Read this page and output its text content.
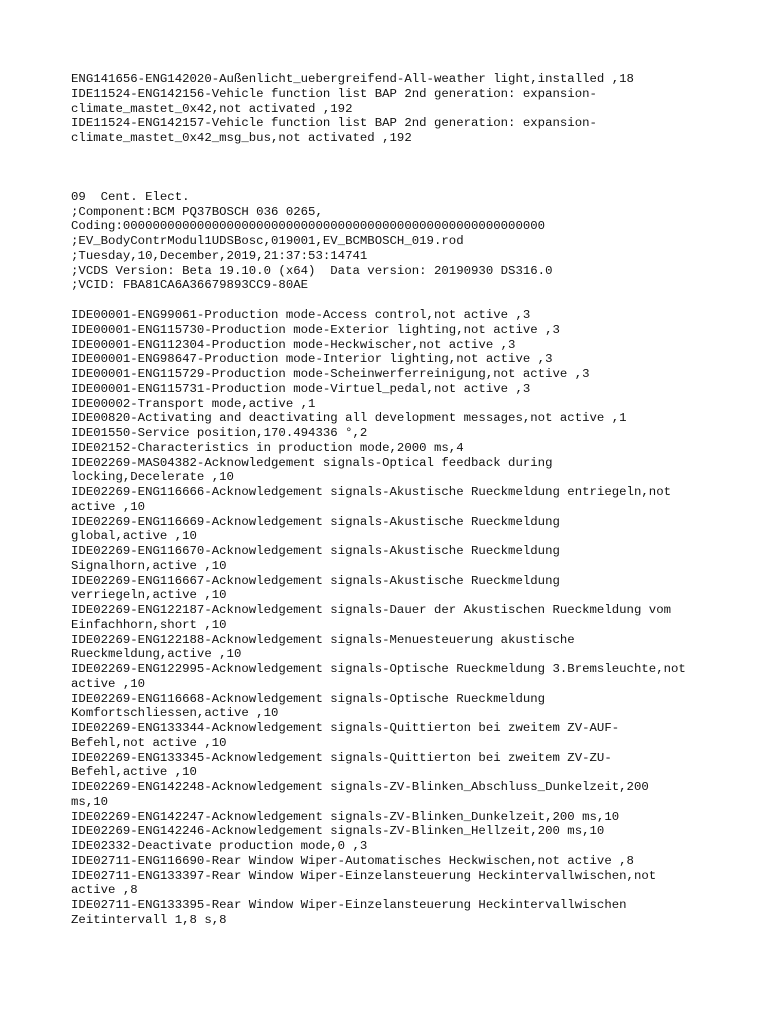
ENG141656-ENG142020-Außenlicht_uebergreifend-All-weather light,installed ,18
IDE11524-ENG142156-Vehicle function list BAP 2nd generation: expansion-
climate_mastet_0x42,not activated ,192
IDE11524-ENG142157-Vehicle function list BAP 2nd generation: expansion-
climate_mastet_0x42_msg_bus,not activated ,192
09  Cent. Elect.
;Component:BCM PQ37BOSCH 036 0265,
Coding:000000000000000000000000000000000000000000000000000000000
;EV_BodyContrModul1UDSBosc,019001,EV_BCMBOSCH_019.rod
;Tuesday,10,December,2019,21:37:53:14741
;VCDS Version: Beta 19.10.0 (x64)  Data version: 20190930 DS316.0
;VCID: FBA81CA6A36679893CC9-80AE
IDE00001-ENG99061-Production mode-Access control,not active ,3
IDE00001-ENG115730-Production mode-Exterior lighting,not active ,3
IDE00001-ENG112304-Production mode-Heckwischer,not active ,3
IDE00001-ENG98647-Production mode-Interior lighting,not active ,3
IDE00001-ENG115729-Production mode-Scheinwerferreinigung,not active ,3
IDE00001-ENG115731-Production mode-Virtuel_pedal,not active ,3
IDE00002-Transport mode,active ,1
IDE00820-Activating and deactivating all development messages,not active ,1
IDE01550-Service position,170.494336 °,2
IDE02152-Characteristics in production mode,2000 ms,4
IDE02269-MAS04382-Acknowledgement signals-Optical feedback during
locking,Decelerate ,10
IDE02269-ENG116666-Acknowledgement signals-Akustische Rueckmeldung entriegeln,not
active ,10
IDE02269-ENG116669-Acknowledgement signals-Akustische Rueckmeldung
global,active ,10
IDE02269-ENG116670-Acknowledgement signals-Akustische Rueckmeldung
Signalhorn,active ,10
IDE02269-ENG116667-Acknowledgement signals-Akustische Rueckmeldung
verriegeln,active ,10
IDE02269-ENG122187-Acknowledgement signals-Dauer der Akustischen Rueckmeldung vom
Einfachhorn,short ,10
IDE02269-ENG122188-Acknowledgement signals-Menuesteuerung akustische
Rueckmeldung,active ,10
IDE02269-ENG122995-Acknowledgement signals-Optische Rueckmeldung 3.Bremsleuchte,not
active ,10
IDE02269-ENG116668-Acknowledgement signals-Optische Rueckmeldung
Komfortschliessen,active ,10
IDE02269-ENG133344-Acknowledgement signals-Quittierton bei zweitem ZV-AUF-
Befehl,not active ,10
IDE02269-ENG133345-Acknowledgement signals-Quittierton bei zweitem ZV-ZU-
Befehl,active ,10
IDE02269-ENG142248-Acknowledgement signals-ZV-Blinken_Abschluss_Dunkelzeit,200
ms,10
IDE02269-ENG142247-Acknowledgement signals-ZV-Blinken_Dunkelzeit,200 ms,10
IDE02269-ENG142246-Acknowledgement signals-ZV-Blinken_Hellzeit,200 ms,10
IDE02332-Deactivate production mode,0 ,3
IDE02711-ENG116690-Rear Window Wiper-Automatisches Heckwischen,not active ,8
IDE02711-ENG133397-Rear Window Wiper-Einzelansteuerung Heckintervallwischen,not
active ,8
IDE02711-ENG133395-Rear Window Wiper-Einzelansteuerung Heckintervallwischen
Zeitintervall 1,8 s,8
